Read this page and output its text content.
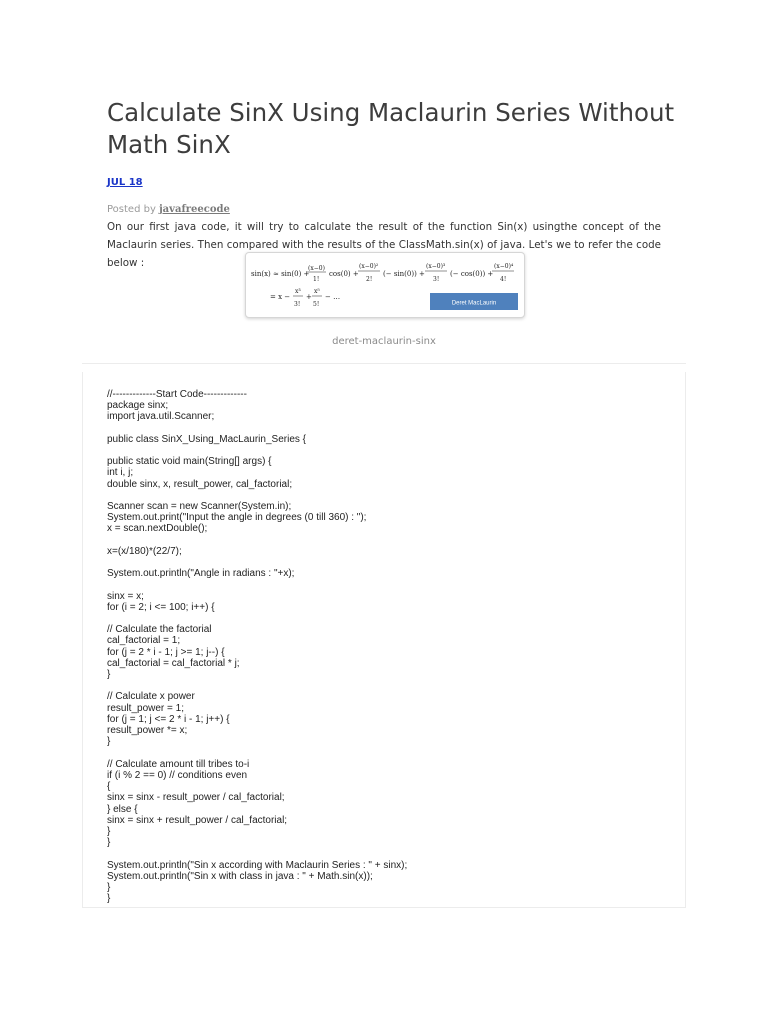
Calculate SinX Using Maclaurin Series Without Math SinX
JUL 18
Posted by javafreecode

On our first java code, it will try to calculate the result of the function Sin(x) usingthe concept of the Maclaurin series. Then compared with the results of the ClassMath.sin(x) of java. Let's we to refer the code below :

sin(x) ≈ sin(0) +
(x−0)
1!
cos(0) +
(x−0)²
2!
(− sin(0)) +
(x−0)³
3!
(− cos(0)) +
(x−0)⁴
4!
= x −
x³
3!
+
x⁵
5!
− …
Deret MacLaurin
deret-maclaurin-sinx
//-------------Start Code-------------
package sinx;
import java.util.Scanner;

public class SinX_Using_MacLaurin_Series {

public static void main(String[] args) {
int i, j;
double sinx, x, result_power, cal_factorial;

Scanner scan = new Scanner(System.in);
System.out.print("Input the angle in degrees (0 till 360) : ");
x = scan.nextDouble();

x=(x/180)*(22/7);

System.out.println("Angle in radians : "+x);

sinx = x;
for (i = 2; i <= 100; i++) {

// Calculate the factorial
cal_factorial = 1;
for (j = 2 * i - 1; j >= 1; j--) {
cal_factorial = cal_factorial * j;
}

// Calculate x power
result_power = 1;
for (j = 1; j <= 2 * i - 1; j++) {
result_power *= x;
}

// Calculate amount till tribes to-i
if (i % 2 == 0) // conditions even
{
sinx = sinx - result_power / cal_factorial;
} else {
sinx = sinx + result_power / cal_factorial;
}
}

System.out.println("Sin x according with Maclaurin Series : " + sinx);
System.out.println("Sin x with class in java : " + Math.sin(x));
}
}
